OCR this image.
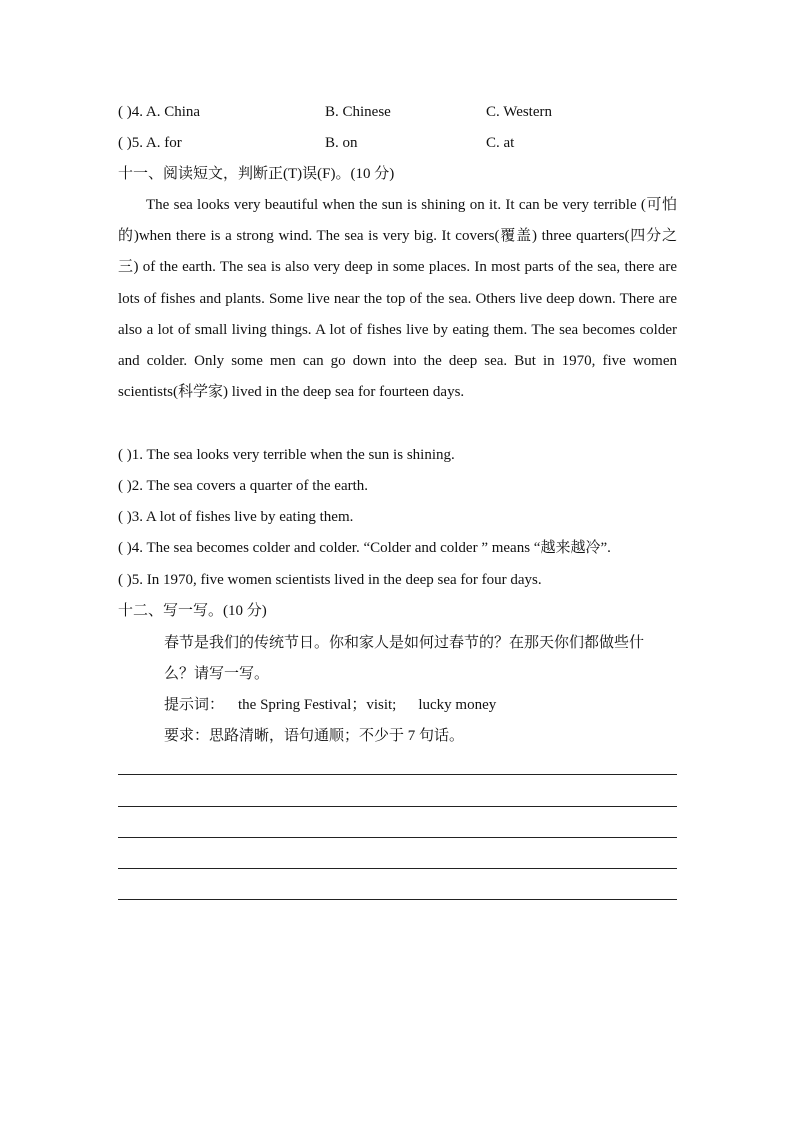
( )4. A. China	B. Chinese	C. Western
( )5. A. for	B. on	C. at
十一、阅读短文，判断正(T)误(F)。(10 分)
The sea looks very beautiful when the sun is shining on it. It can be very terrible (可怕的)when there is a strong wind. The sea is very big. It covers(覆盖) three quarters(四分之三) of the earth. The sea is also very deep in some places. In most parts of the sea, there are lots of fishes and plants. Some live near the top of the sea. Others live deep down. There are also a lot of small living things. A lot of fishes live by eating them. The sea becomes colder and colder. Only some men can go down into the deep sea. But in 1970, five women scientists(科学家) lived in the deep sea for fourteen days.
( )1. The sea looks very terrible when the sun is shining.
( )2. The sea covers a quarter of the earth.
( )3. A lot of fishes live by eating them.
( )4. The sea becomes colder and colder. “Colder and colder ” means “越来越冷”.
( )5. In 1970, five women scientists lived in the deep sea for four days.
十二、写一写。(10 分)
春节是我们的传统节日。你和家人是如何过春节的？在那天你们都做些什
么？请写一写。
提示词： the Spring Festival；visit; lucky money
要求：思路清晰，语句通顺；不少于 7 句话。
